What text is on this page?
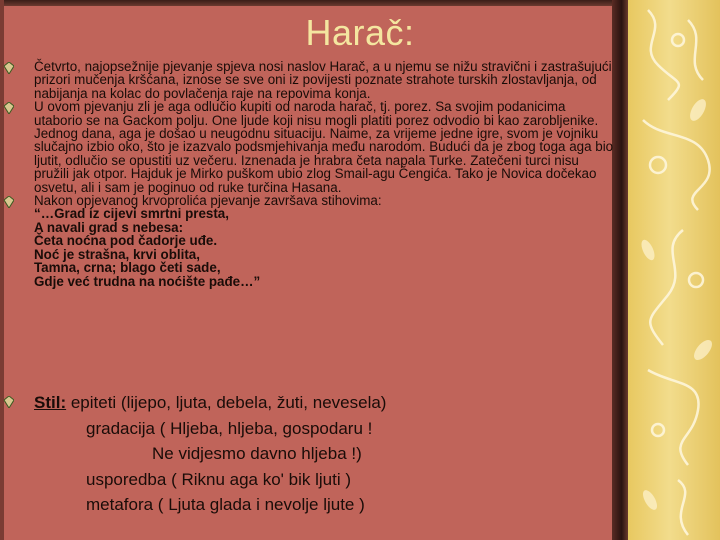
Harač:

Četvrto, najopsežnije pjevanje spjeva nosi naslov Harač, a u njemu se nižu stravični i zastrašujući prizori mučenja kršćana, iznose se sve oni iz povijesti poznate strahote turskih zlostavljanja, od nabijanja na kolac do povlačenja raje na repovima konja.

U ovom pjevanju zli je aga odlučio kupiti od naroda harač, tj. porez. Sa svojim podanicima utaborio se na Gackom polju. One ljude koji nisu mogli platiti porez odvodio bi kao zarobljenike. Jednog dana, aga je došao u neugodnu situaciju. Naime, za vrijeme jedne igre, svom je vojniku slučajno izbio oko, što je izazvalo podsmjehivanja među narodom. Budući da je zbog toga aga bio ljutit, odlučio se opustiti uz večeru. Iznenada je hrabra četa napala Turke. Zatečeni turci nisu pružili jak otpor. Hajduk je Mirko puškom ubio zlog Smail-agu Čengića. Tako je Novica dočekao osvetu, ali i sam je poginuo od ruke turčina Hasana.

Nakon opjevanog krvoprolića pjevanje završava stihovima:

“…Grad iz cijevi smrtni presta,

A navali grad s nebesa:

Četa noćna pod čadorje uđe.

Noć je strašna, krvi oblita,

Tamna, crna; blago četi sade,

Gdje već trudna na noćište pađe…”

Stil: epiteti (lijepo, ljuta, debela, žuti, nevesela)
gradacija ( Hljeba, hljeba, gospodaru !
Ne vidjesmo davno hljeba !)
usporedba ( Riknu aga ko' bik ljuti )
metafora ( Ljuta glada i nevolje ljute )
